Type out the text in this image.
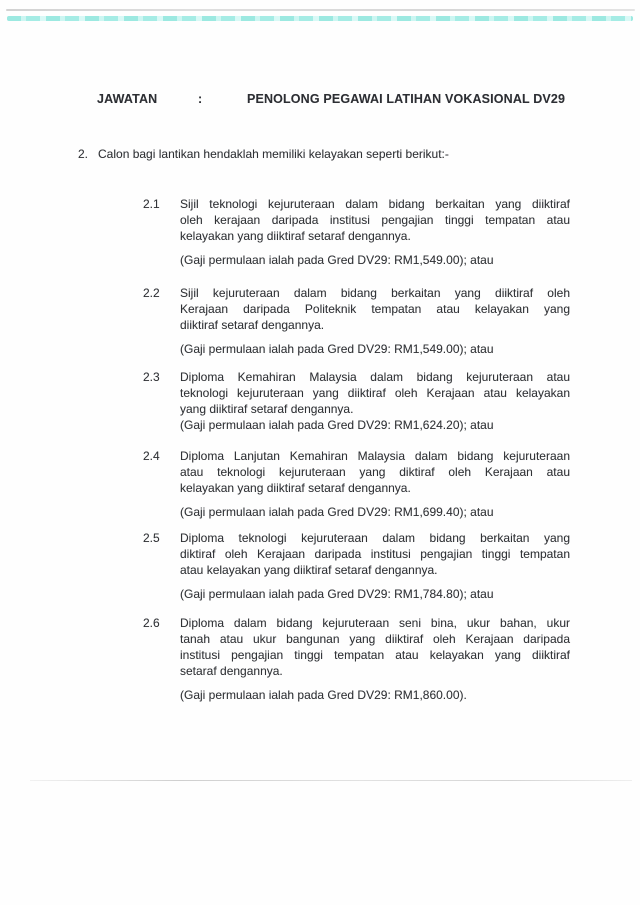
JAWATAN	:	PENOLONG PEGAWAI LATIHAN VOKASIONAL DV29
2. Calon bagi lantikan hendaklah memiliki kelayakan seperti berikut:-
2.1	Sijil teknologi kejuruteraan dalam bidang berkaitan yang diiktiraf
oleh kerajaan daripada institusi pengajian tinggi tempatan atau
kelayakan yang diiktiraf setaraf dengannya.
(Gaji permulaan ialah pada Gred DV29: RM1,549.00); atau
2.2	Sijil kejuruteraan dalam bidang berkaitan yang diiktiraf oleh
Kerajaan daripada Politeknik tempatan atau kelayakan yang
diiktiraf setaraf dengannya.
(Gaji permulaan ialah pada Gred DV29: RM1,549.00); atau
2.3	Diploma Kemahiran Malaysia dalam bidang kejuruteraan atau
teknologi kejuruteraan yang diiktiraf oleh Kerajaan atau kelayakan
yang diiktiraf setaraf dengannya.
(Gaji permulaan ialah pada Gred DV29: RM1,624.20); atau
2.4	Diploma Lanjutan Kemahiran Malaysia dalam bidang kejuruteraan
atau teknologi kejuruteraan yang diktiraf oleh Kerajaan atau
kelayakan yang diiktiraf setaraf dengannya.
(Gaji permulaan ialah pada Gred DV29: RM1,699.40); atau
2.5	Diploma teknologi kejuruteraan dalam bidang berkaitan yang
diktiraf oleh Kerajaan daripada institusi pengajian tinggi tempatan
atau kelayakan yang diiktiraf setaraf dengannya.
(Gaji permulaan ialah pada Gred DV29: RM1,784.80); atau
2.6	Diploma dalam bidang kejuruteraan seni bina, ukur bahan, ukur
tanah atau ukur bangunan yang diiktiraf oleh Kerajaan daripada
institusi pengajian tinggi tempatan atau kelayakan yang diiktiraf
setaraf dengannya.
(Gaji permulaan ialah pada Gred DV29: RM1,860.00).
